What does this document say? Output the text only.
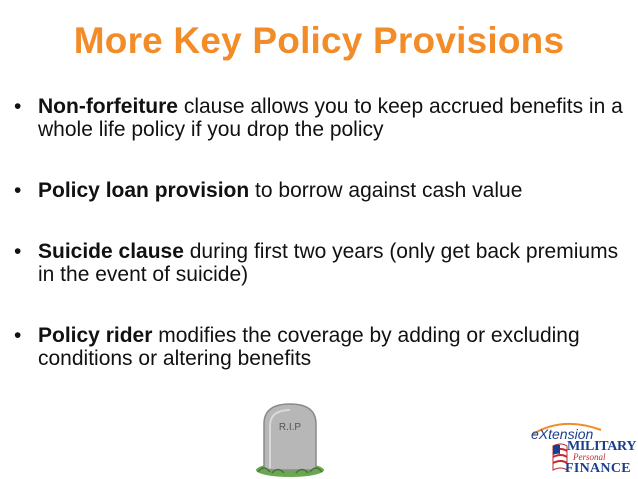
More Key Policy Provisions
• Non-forfeiture clause allows you to keep accrued benefits in a whole life policy if you drop the policy
• Policy loan provision to borrow against cash value
• Suicide clause during first two years (only get back premiums in the event of suicide)
• Policy rider modifies the coverage by adding or excluding conditions or altering benefits
R.I.P	eXtension
MILITARY
Personal
FINANCE
